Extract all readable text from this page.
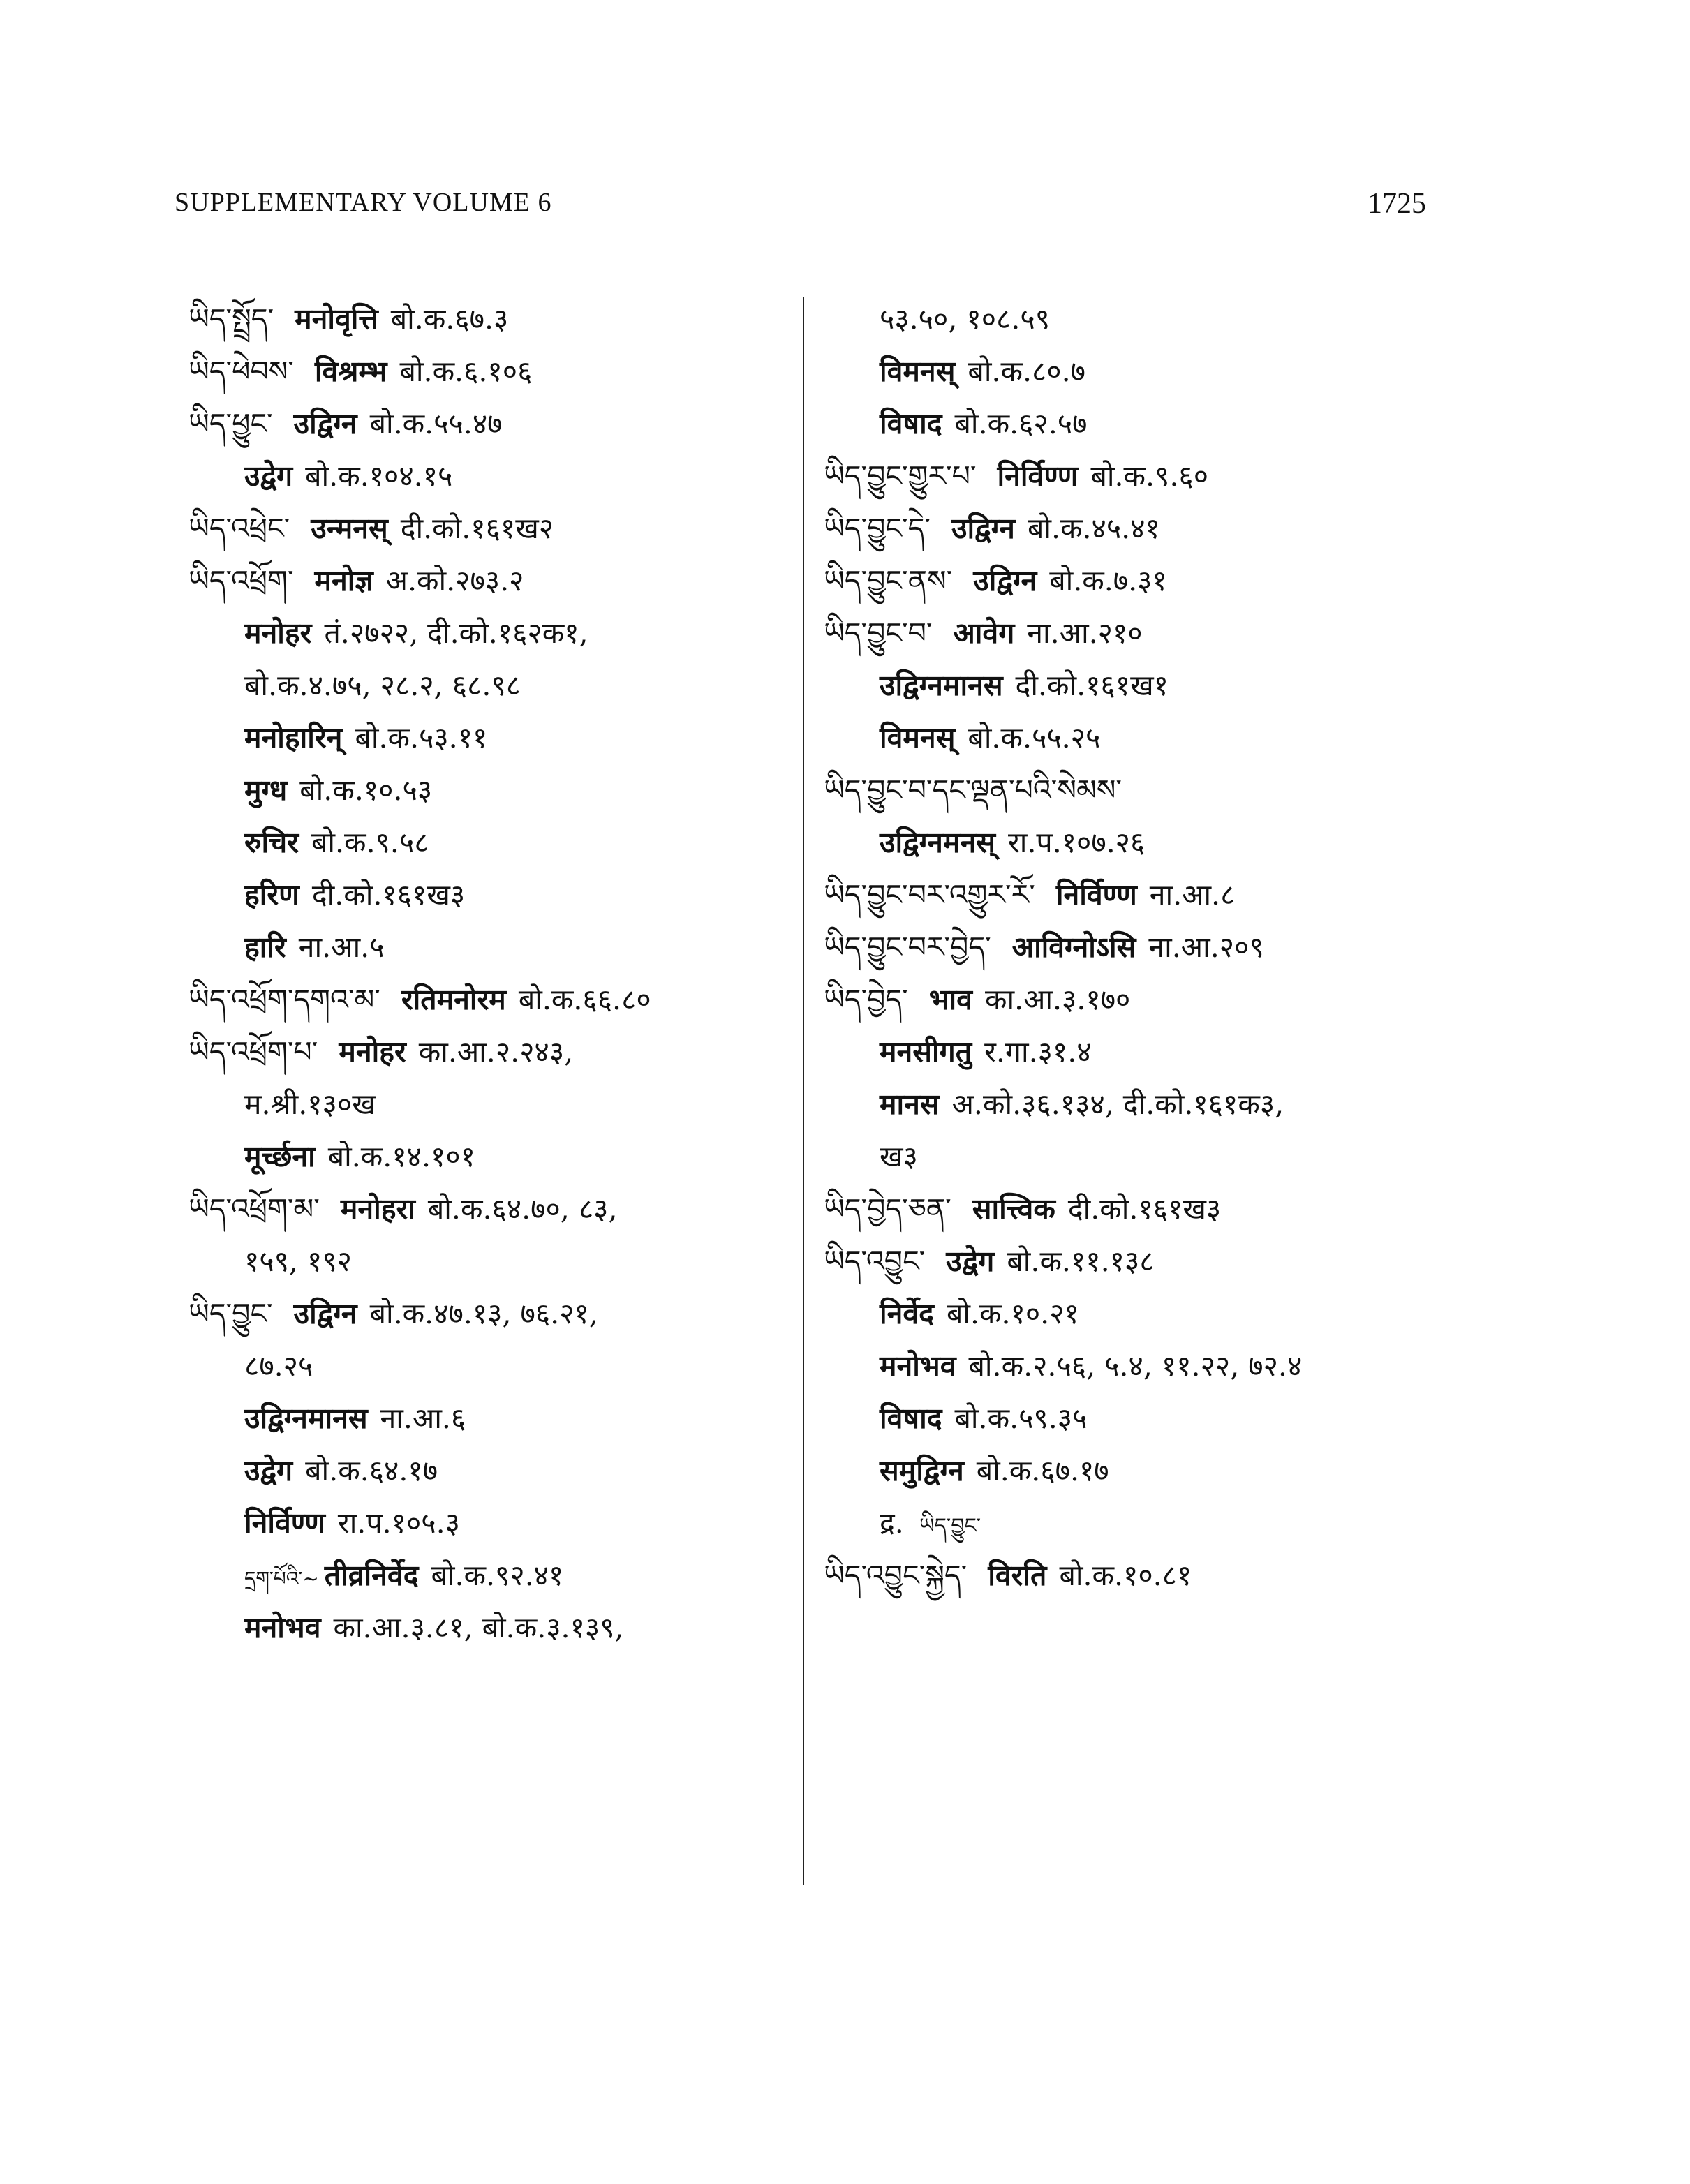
SUPPLEMENTARY VOLUME 6	1725
ཡིད་སྤྲོད་ मनोवृत्ति बो.क.६७.३
ཡིད་ཕེབས་ विश्रम्भ बो.क.६.१०६
ཡིད་ཕྱུང་ उद्विग्न बो.क.५५.४७
उद्वेग बो.क.१०४.१५
ཡིད་འཕྲེང་ उन्मनस् दी.को.१६१ख२
ཡིད་འཕྲོག་ मनोज्ञ अ.को.२७३.२
मनोहर तं.२७२२, दी.को.१६२क१,
बो.क.४.७५, २८.२, ६८.९८
मनोहारिन् बो.क.५३.११
मुग्ध बो.क.१०.५३
रुचिर बो.क.९.५८
हरिण दी.को.१६१ख३
हारि ना.आ.५
ཡིད་འཕྲོག་དགའ་མ་ रतिमनोरम बो.क.६६.८०
ཡིད་འཕྲོག་པ་ मनोहर का.आ.२.२४३,
म.श्री.१३०ख
मूर्च्छना बो.क.१४.१०१
ཡིད་འཕྲོག་མ་ मनोहरा बो.क.६४.७०, ८३,
१५९, १९२
ཡིད་བྱུང་ उद्विग्न बो.क.४७.१३, ७६.२१,
८७.२५
उद्विग्नमानस ना.आ.६
उद्वेग बो.क.६४.१७
निर्विण्ण रा.प.१०५.३
དྲག་པོའི་~ तीव्रनिर्वेद बो.क.९२.४१
मनोभव का.आ.३.८१, बो.क.३.१३९,
५३.५०, १०८.५९
विमनस् बो.क.८०.७
विषाद बो.क.६२.५७
ཡིད་བྱུང་གྱུར་པ་ निर्विण्ण बो.क.९.६०
ཡིད་བྱུང་དེ་ उद्विग्न बो.क.४५.४१
ཡིད་བྱུང་ནས་ उद्विग्न बो.क.७.३१
ཡིད་བྱུང་བ་ आवेग ना.आ.२१०
उद्विग्नमानस दी.को.१६१ख१
विमनस् बो.क.५५.२५
ཡིད་བྱུང་བ་དང་ལྡན་པའི་སེམས་
उद्विग्नमनस् रा.प.१०७.२६
ཡིད་བྱུང་བར་འགྱུར་རོ་ निर्विण्ण ना.आ.८
ཡིད་བྱུང་བར་བྱེད་ आविग्नोऽसि ना.आ.२०९
ཡིད་བྱེད་ भाव का.आ.३.१७०
मनसीगतु र.गा.३१.४
मानस अ.को.३६.१३४, दी.को.१६१क३,
ख३
ཡིད་བྱེད་ཅན་ सात्त्विक दी.को.१६१ख३
ཡིད་འབྱུང་ उद्वेग बो.क.११.१३८
निर्वेद बो.क.१०.२१
मनोभव बो.क.२.५६, ५.४, ११.२२, ७२.४
विषाद बो.क.५९.३५
समुद्विग्न बो.क.६७.१७
द्र. ཡིད་བྱུང་
ཡིད་འབྱུང་སྐྱེད་ विरति बो.क.१०.८१
